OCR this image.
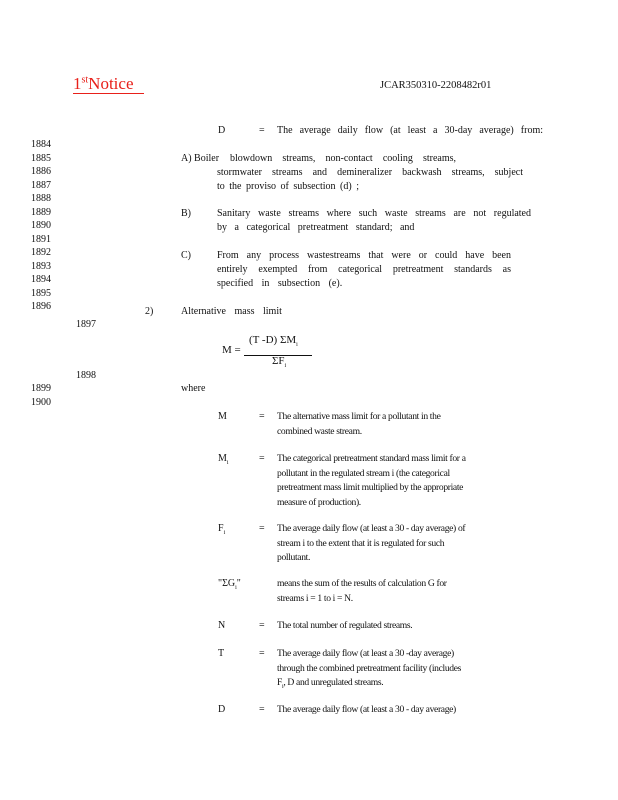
1stNotice	JCAR350310-2208482r01
1884
1885
1886
1887
1888
1889
1890
1891
1892
1893
1894
1895
1896
1897
1898
1899
1900
D	= The average daily flow (at least a 30-day average) from:
A) Boiler blowdown streams, non-contact cooling streams,
stormwater streams and demineralizer backwash streams, subject
to the proviso of subsection (d) ;
B)	Sanitary waste streams where such waste streams are not regulated
by a categorical pretreatment standard; and
C)	From any process wastestreams that were or could have been
entirely exempted from categorical pretreatment standards as
specified in subsection (e).
2)	Alternative mass limit
M =
(T -D) $\Sigma M_i$
$\Sigma F_i$
where
M	= The alternative mass limit for a pollutant in the
combined waste stream.
$M_i$	= The categorical pretreatment standard mass limit for a
pollutant in the regulated stream i (the categorical
pretreatment mass limit multiplied by the appropriate
measure of production).
$F_i$	= The average daily flow (at least a 30 - day average) of
stream i to the extent that it is regulated for such
pollutant.
"$\Sigma G_i$"	means the sum of the results of calculation G for
streams i = 1 to i = N.
N	= The total number of regulated streams.
T	= The average daily flow (at least a 30 -day average)
through the combined pretreatment facility (includes
$F_i$, D and unregulated streams.
D	= The average daily flow (at least a 30 - day average)
